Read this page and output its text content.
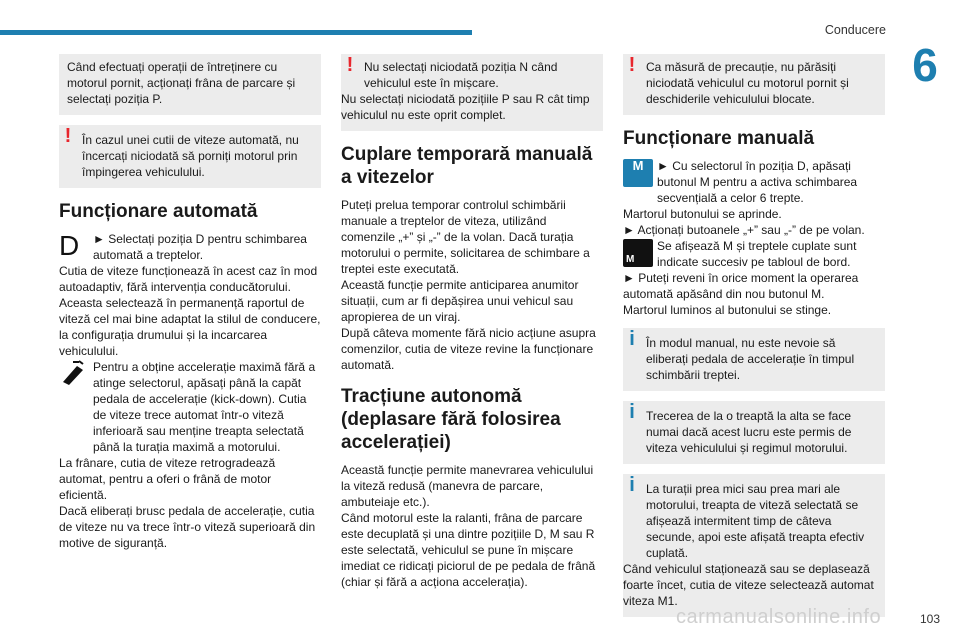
Conducere
6

Când efectuați operații de întreținere cu motorul pornit, acționați frâna de parcare și selectați poziția P.

! În cazul unei cutii de viteze automată, nu încercați niciodată să porniți motorul prin împingerea vehiculului.

Funcționare automată
D	► Selectați poziția D pentru schimbarea automată a treptelor.

Cutia de viteze funcționează în acest caz în mod autoadaptiv, fără intervenția conducătorului.

Aceasta selectează în permanență raportul de viteză cel mai bine adaptat la stilul de conducere, la configurația drumului și la incarcarea vehiculului.

Pentru a obține accelerație maximă fără a atinge selectorul, apăsați până la capăt pedala de accelerație (kick-down). Cutia de viteze trece automat într-o viteză inferioară sau menține treapta selectată până la turația maximă a motorului.

La frânare, cutia de viteze retrogradează automat, pentru a oferi o frână de motor eficientă.

Dacă eliberați brusc pedala de accelerație, cutia de viteze nu va trece într-o viteză superioară din motive de siguranță.

! Nu selectați niciodată poziția N când vehiculul este în mișcare.

Nu selectați niciodată pozițiile P sau R cât timp vehiculul nu este oprit complet.

Cuplare temporară manuală a vitezelor

Puteți prelua temporar controlul schimbării manuale a treptelor de viteza, utilizând comenzile „+” și „-” de la volan. Dacă turația motorului o permite, solicitarea de schimbare a treptei este executată.

Aceastǎ funcție permite anticiparea anumitor situații, cum ar fi depășirea unui vehicul sau apropierea de un viraj.

După câteva momente fără nicio acțiune asupra comenzilor, cutia de viteze revine la funcționare automată.

Tracțiune autonomă (deplasare fără folosirea accelerației)

Această funcție permite manevrarea vehiculului la viteză redusă (manevra de parcare, ambuteiaje etc.).

Când motorul este la ralanti, frâna de parcare este decuplată și una dintre pozițiile D, M sau R este selectată, vehiculul se pune în mișcare imediat ce ridicați piciorul de pe pedala de frână (chiar și fără a acționa accelerația).

! Ca măsură de precauție, nu părăsiți niciodată vehiculul cu motorul pornit și deschiderile vehiculului blocate.

Funcționare manuală
M	► Cu selectorul în poziția D, apăsați butonul M pentru a activa schimbarea secvențială a celor 6 trepte.

Martorul butonului se aprinde.

► Acționați butoanele „+” sau „-” de pe volan.

M

Se afișează M și treptele cuplate sunt indicate succesiv pe tabloul de bord.

► Puteți reveni în orice moment la operarea automată apăsând din nou butonul M.

Martorul luminos al butonului se stinge.

i În modul manual, nu este nevoie să eliberați pedala de accelerație în timpul schimbării treptei.

i Trecerea de la o treaptă la alta se face numai dacă acest lucru este permis de viteza vehiculului și regimul motorului.

i La turații prea mici sau prea mari ale motorului, treapta de viteză selectată se afișează intermitent timp de câteva secunde, apoi este afișată treapta efectiv cuplată.

Când vehiculul staționează sau se deplasează foarte încet, cutia de viteze selectează automat viteza M1.

carmanualsonline.info	103
